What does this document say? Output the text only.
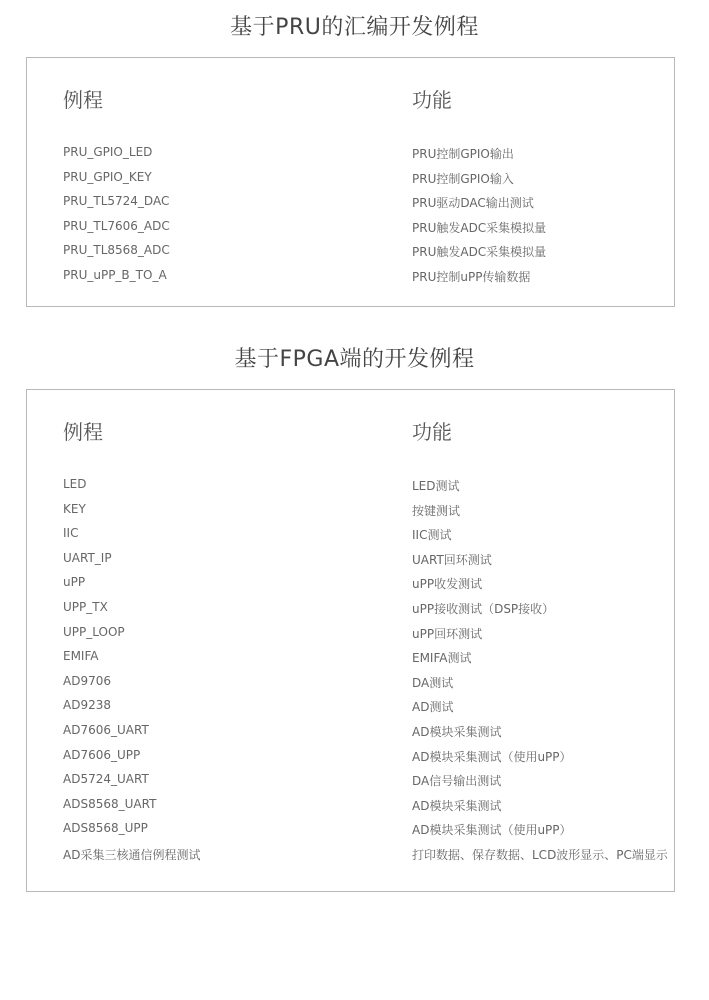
基于PRU的汇编开发例程
例程	功能
PRU_GPIO_LED	PRU控制GPIO输出
PRU_GPIO_KEY	PRU控制GPIO输入
PRU_TL5724_DAC	PRU驱动DAC输出测试
PRU_TL7606_ADC	PRU触发ADC采集模拟量
PRU_TL8568_ADC	PRU触发ADC采集模拟量
PRU_uPP_B_TO_A	PRU控制uPP传输数据
基于FPGA端的开发例程
例程	功能
LED	LED测试
KEY	按键测试
IIC	IIC测试
UART_IP	UART回环测试
uPP	uPP收发测试
UPP_TX	uPP接收测试（DSP接收）
UPP_LOOP	uPP回环测试
EMIFA	EMIFA测试
AD9706	DA测试
AD9238	AD测试
AD7606_UART	AD模块采集测试
AD7606_UPP	AD模块采集测试（使用uPP）
AD5724_UART	DA信号输出测试
ADS8568_UART	AD模块采集测试
ADS8568_UPP	AD模块采集测试（使用uPP）
AD采集三核通信例程测试	打印数据、保存数据、LCD波形显示、PC端显示
